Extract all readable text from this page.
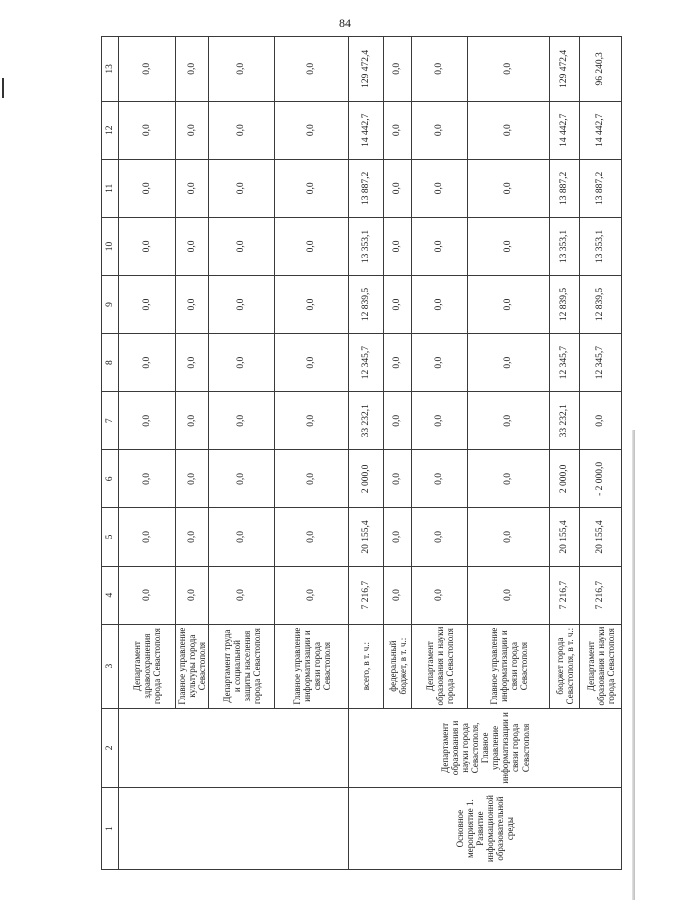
84
1	2	3	4	5	6	7	8	9	10	11	12	13
		Департамент здравоохранения города Севастополя	0,0	0,0	0,0	0,0	0,0	0,0	0,0	0,0	0,0	0,0
		Главное управление культуры города Севастополя	0,0	0,0	0,0	0,0	0,0	0,0	0,0	0,0	0,0	0,0
		Департамент труда и социальной защиты населения города Севастополя	0,0	0,0	0,0	0,0	0,0	0,0	0,0	0,0	0,0	0,0
		Главное управление информатизации и связи города Севастополя	0,0	0,0	0,0	0,0	0,0	0,0	0,0	0,0	0,0	0,0
Основное мероприятие 1. Развитие информационной образовательной среды	Департамент образования и науки города Севастополя, Главное управление информатизации и связи города Севастополя	всего, в т. ч.:	7 216,7	20 155,4	2 000,0	33 232,1	12 345,7	12 839,5	13 353,1	13 887,2	14 442,7	129 472,4
		федеральный бюджет, в т. ч.:	0,0	0,0	0,0	0,0	0,0	0,0	0,0	0,0	0,0	0,0
		Департамент образования и науки города Севастополя	0,0	0,0	0,0	0,0	0,0	0,0	0,0	0,0	0,0	0,0
		Главное управление информатизации и связи города Севастополя	0,0	0,0	0,0	0,0	0,0	0,0	0,0	0,0	0,0	0,0
		бюджет города Севастополя, в т. ч.:	7 216,7	20 155,4	2 000,0	33 232,1	12 345,7	12 839,5	13 353,1	13 887,2	14 442,7	129 472,4
		Департамент образования и науки города Севастополя	7 216,7	20 155,4	- 2 000,0	0,0	12 345,7	12 839,5	13 353,1	13 887,2	14 442,7	96 240,3
